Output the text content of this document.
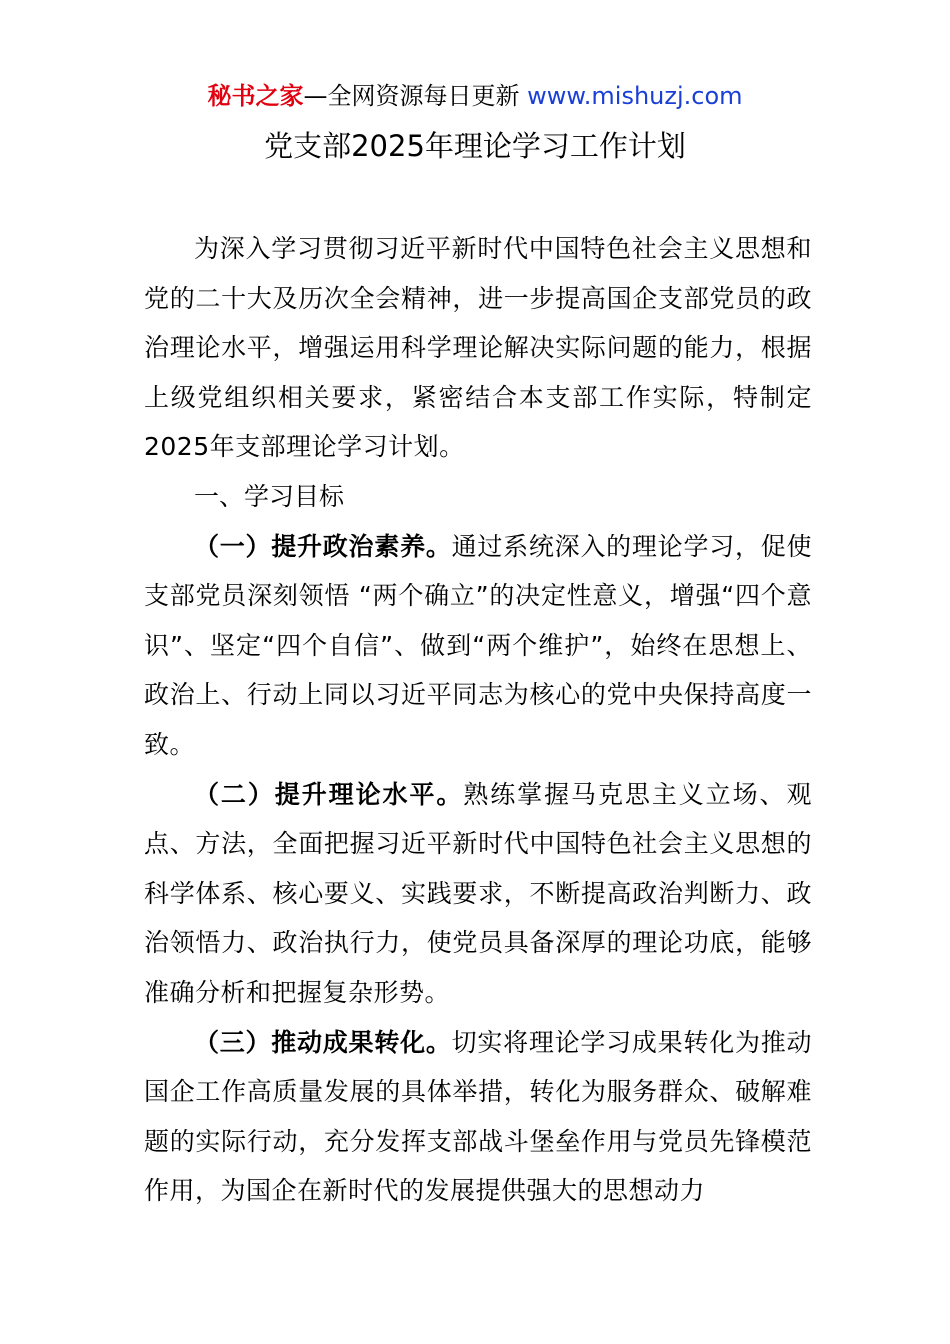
秘书之家—全网资源每日更新 www.mishuzj.com
党支部2025年理论学习工作计划

为深入学习贯彻习近平新时代中国特色社会主义思想和党的二十大及历次全会精神，进一步提高国企支部党员的政治理论水平，增强运用科学理论解决实际问题的能力，根据上级党组织相关要求，紧密结合本支部工作实际，特制定2025年支部理论学习计划。

一、学习目标

（一）提升政治素养。通过系统深入的理论学习，促使支部党员深刻领悟 “两个确立”的决定性意义，增强“四个意识”、坚定“四个自信”、做到“两个维护”，始终在思想上、政治上、行动上同以习近平同志为核心的党中央保持高度一致。

（二）提升理论水平。熟练掌握马克思主义立场、观点、方法，全面把握习近平新时代中国特色社会主义思想的科学体系、核心要义、实践要求，不断提高政治判断力、政治领悟力、政治执行力，使党员具备深厚的理论功底，能够准确分析和把握复杂形势。

（三）推动成果转化。切实将理论学习成果转化为推动国企工作高质量发展的具体举措，转化为服务群众、破解难题的实际行动，充分发挥支部战斗堡垒作用与党员先锋模范作用，为国企在新时代的发展提供强大的思想动力
